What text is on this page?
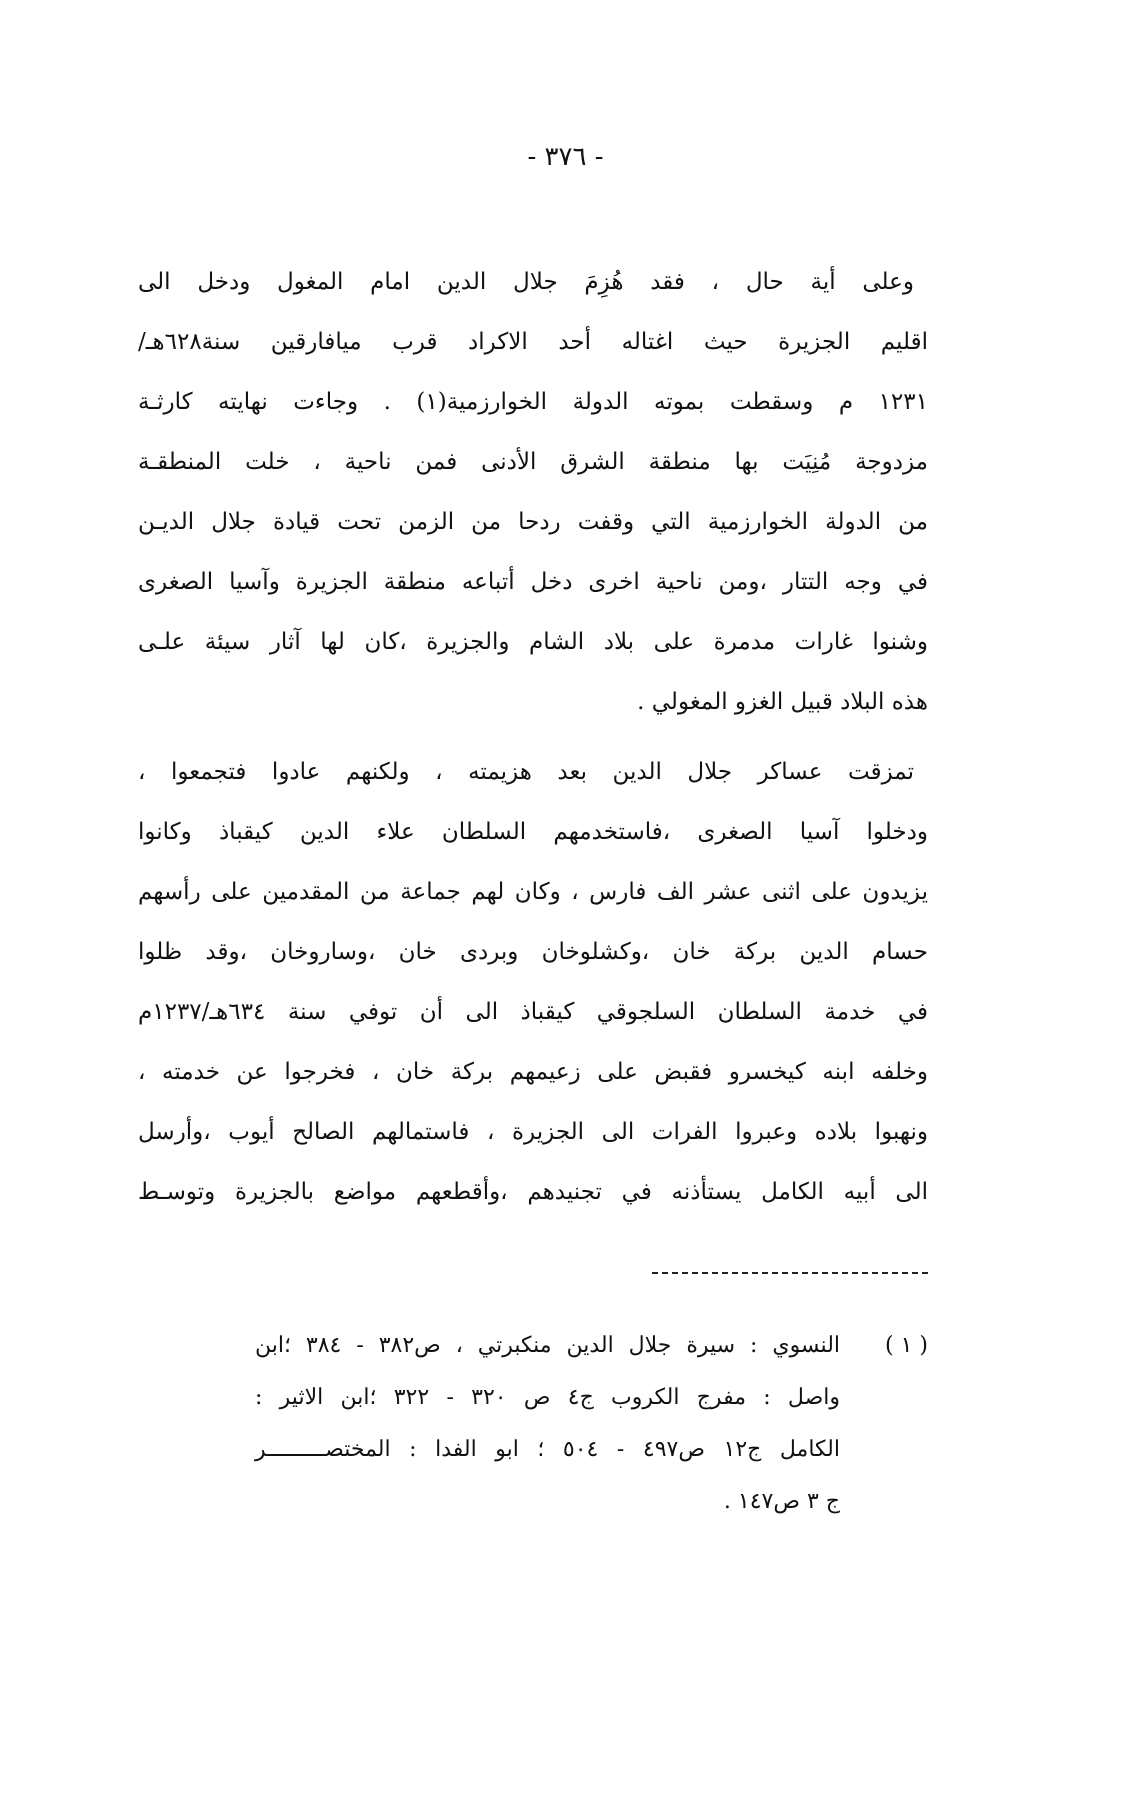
- ٣٧٦ -
وعلى أية حال ، فقد هُزِمَ جلال الدين امام المغول ودخل الى
اقليم الجزيرة حيث اغتاله أحد الاكراد قرب ميافارقين سنة٦٢٨هـ/
١٢٣١ م وسقطت بموته الدولة الخوارزمية(١) . وجاءت نهايته كارثـة
مزدوجة مُنِيَت بها منطقة الشرق الأدنى فمن ناحية ، خلت المنطقـة
من الدولة الخوارزمية التي وقفت ردحا من الزمن تحت قيادة جلال الديـن
في وجه التتار ،ومن ناحية اخرى دخل أتباعه منطقة الجزيرة وآسيا الصغرى
وشنوا غارات مدمرة على بلاد الشام والجزيرة ،كان لها آثار سيئة علـى
هذه البلاد قبيل الغزو المغولي .
تمزقت عساكر جلال الدين بعد هزيمته ، ولكنهم عادوا فتجمعوا ،
ودخلوا آسيا الصغرى ،فاستخدمهم السلطان علاء الدين كيقباذ وكانوا
يزيدون على اثنى عشر الف فارس ، وكان لهم جماعة من المقدمين على رأسهم
حسام الدين بركة خان ،وكشلوخان وبردى خان ،وساروخان ،وقد ظلوا
في خدمة السلطان السلجوقي كيقباذ الى أن توفي سنة ٦٣٤هـ/١٢٣٧م
وخلفه ابنه كيخسرو فقبض على زعيمهم بركة خان ، فخرجوا عن خدمته ،
ونهبوا بلاده وعبروا الفرات الى الجزيرة ، فاستمالهم الصالح أيوب ،وأرسل
الى أبيه الكامل يستأذنه في تجنيدهم ،وأقطعهم مواضع بالجزيرة وتوسـط
( ١ )
النسوي : سيرة جلال الدين منكبرتي ، ص٣٨٢ - ٣٨٤ ؛ابن
واصل : مفرج الكروب ج٤ ص ٣٢٠ - ٣٢٢ ؛ابن الاثير :
الكامل ج١٢ ص٤٩٧ - ٥٠٤ ؛ ابو الفدا : المختصـــــــــر
ج ٣ ص١٤٧ .
